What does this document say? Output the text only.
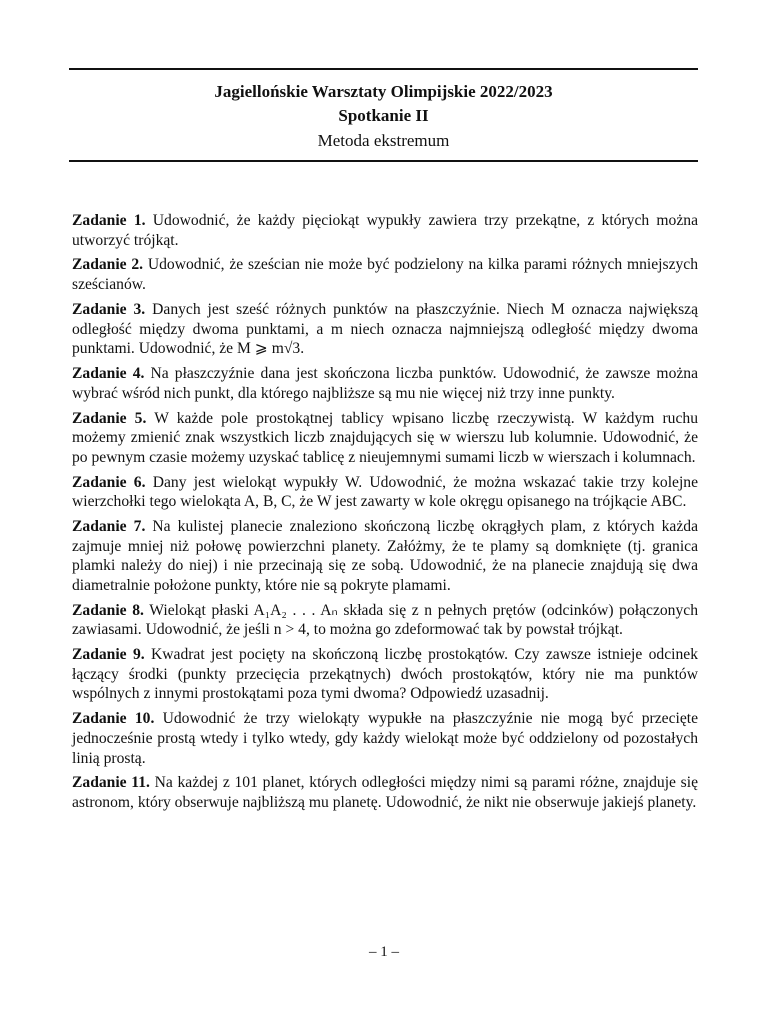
Jagiellońskie Warsztaty Olimpijskie 2022/2023
Spotkanie II
Metoda ekstremum

Zadanie 1. Udowodnić, że każdy pięciokąt wypukły zawiera trzy przekątne, z których można utworzyć trójkąt.

Zadanie 2. Udowodnić, że sześcian nie może być podzielony na kilka parami różnych mniejszych sześcianów.

Zadanie 3. Danych jest sześć różnych punktów na płaszczyźnie. Niech M oznacza największą odległość między dwoma punktami, a m niech oznacza najmniejszą odległość między dwoma punktami. Udowodnić, że M ⩾ m√3.

Zadanie 4. Na płaszczyźnie dana jest skończona liczba punktów. Udowodnić, że zawsze można wybrać wśród nich punkt, dla którego najbliższe są mu nie więcej niż trzy inne punkty.

Zadanie 5. W każde pole prostokątnej tablicy wpisano liczbę rzeczywistą. W każdym ruchu możemy zmienić znak wszystkich liczb znajdujących się w wierszu lub kolumnie. Udowodnić, że po pewnym czasie możemy uzyskać tablicę z nieujemnymi sumami liczb w wierszach i kolumnach.

Zadanie 6. Dany jest wielokąt wypukły W. Udowodnić, że można wskazać takie trzy kolejne wierzchołki tego wielokąta A, B, C, że W jest zawarty w kole okręgu opisanego na trójkącie ABC.

Zadanie 7. Na kulistej planecie znaleziono skończoną liczbę okrągłych plam, z których każda zajmuje mniej niż połowę powierzchni planety. Załóżmy, że te plamy są domknięte (tj. granica plamki należy do niej) i nie przecinają się ze sobą. Udowodnić, że na planecie znajdują się dwa diametralnie położone punkty, które nie są pokryte plamami.

Zadanie 8. Wielokąt płaski A₁A₂ . . . Aₙ składa się z n pełnych prętów (odcinków) połączonych zawiasami. Udowodnić, że jeśli n > 4, to można go zdeformować tak by powstał trójkąt.

Zadanie 9. Kwadrat jest pocięty na skończoną liczbę prostokątów. Czy zawsze istnieje odcinek łączący środki (punkty przecięcia przekątnych) dwóch prostokątów, który nie ma punktów wspólnych z innymi prostokątami poza tymi dwoma? Odpowiedź uzasadnij.

Zadanie 10. Udowodnić że trzy wielokąty wypukłe na płaszczyźnie nie mogą być przecięte jednocześnie prostą wtedy i tylko wtedy, gdy każdy wielokąt może być oddzielony od pozostałych linią prostą.

Zadanie 11. Na każdej z 101 planet, których odległości między nimi są parami różne, znajduje się astronom, który obserwuje najbliższą mu planetę. Udowodnić, że nikt nie obserwuje jakiejś planety.

– 1 –
